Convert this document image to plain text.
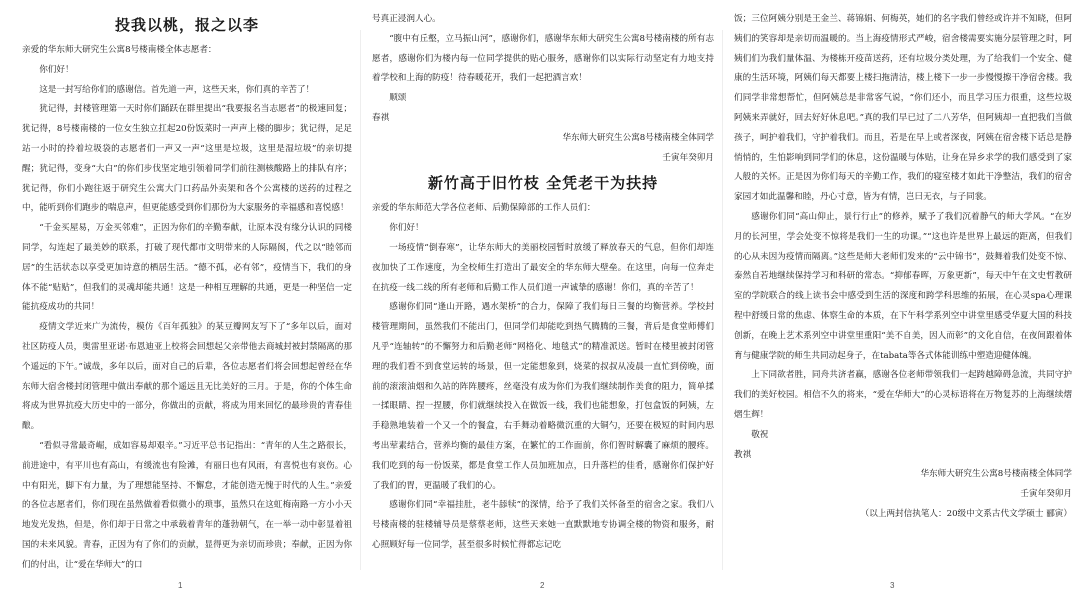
投我以桃，报之以李

亲爱的华东师大研究生公寓8号楼南楼全体志愿者：

你们好！

这是一封写给你们的感谢信。首先道一声，这些天来，你们真的辛苦了！

犹记得，封楼管理第一天时你们踊跃在群里提出“我要报名当志愿者”的极速回复；犹记得，8号楼南楼的一位女生独立扛起20份饭菜时一声声上楼的脚步；犹记得，足足站一小时的拎着垃圾袋的志愿者们一声又一声“这里是垃圾，这里是湿垃圾”的亲切提醒；犹记得，变身“大白”的你们步伐坚定地引领着同学们前往测核酸路上的排队有序；犹记得，你们小跑往返于研究生公寓大门口药品外卖架和各个公寓楼的送药的过程之中，能听到你们跑步的喘息声，但更能感受到你们那份为大家服务的幸福感和喜悦感！

“千金买屋易，万金买邻难”，正因为你们的辛勤奉献，让原本没有缘分认识的同楼同学，勾连起了最美妙的联系，打破了现代都市文明带来的人际隔阂，代之以“睦邻而居”的生活状态以享受更加诗意的栖居生活。“德不孤，必有邻”，疫情当下，我们的身体不能“贴贴”，但我们的灵魂却能共通！这是一种相互理解的共通，更是一种坚信一定能抗疫成功的共同！

疫情文学近来广为流传，模仿《百年孤独》的某豆瓣网友写下了“多年以后，面对社区防疫人员，奥雷里亚诺·布恩迪亚上校将会回想起父亲带他去商城封被封禁隔离的那个遥远的下午。”诚哉，多年以后，面对自己的后辈，各位志愿者们将会回想起曾经在华东师大宿舍楼封闭管理中做出奉献的那个遥远且无比美好的三月。于是，你的个体生命将成为世界抗疫大历史中的一部分，你做出的贡献，将成为用来回忆的最珍贵的青春佳酿。

“看似寻常最奇崛，成如容易却艰辛。”习近平总书记指出：“青年的人生之路很长，前进途中，有平川也有高山，有缓流也有险滩，有丽日也有风雨，有喜悦也有哀伤。心中有阳光，脚下有力量，为了理想能坚持、不懈怠，才能创造无愧于时代的人生。”亲爱的各位志愿者们，你们现在虽然做着看似微小的琐事，虽然只在这虹梅南路一方小小天地发光发热，但是，你们却于日常之中承载着青年的蓬勃朝气，在一举一动中彰显着祖国的未来风貌。青春，正因为有了你们的贡献，显得更为亲切而珍贵；奉献，正因为你们的付出，让“爱在华师大”的口

1

号真正浸润人心。

“腹中有丘壑，立马振山河”，感谢你们，感谢华东师大研究生公寓8号楼南楼的所有志愿者，感谢你们为楼内每一位同学提供的贴心服务，感谢你们以实际行动坚定有力地支持着学校和上海的防疫！待春暖花开，我们一起把酒言欢！

顺颂

春祺

华东师大研究生公寓8号楼南楼全体同学

壬寅年癸卯月

新竹高于旧竹枝 全凭老干为扶持

亲爱的华东师范大学各位老师、后勤保障部的工作人员们：

你们好！

一场疫情“倒春寒”，让华东师大的美丽校园暂时放缓了释放春天的气息，但你们却连夜加快了工作速度，为全校师生打造出了最安全的华东师大壁垒。在这里，向每一位奔走在抗疫一线二线的所有老师和后勤工作人员们道一声诚挚的感谢！你们，真的辛苦了！

感谢你们同“逢山开路，遇水架桥”的合力，保障了我们每日三餐的均衡营养。学校封楼管理期间，虽然我们不能出门，但同学们却能吃到热气腾腾的三餐，背后是食堂师傅们凡乎“连轴转”的不懈努力和后勤老师“网格化、地毯式”的精准派送。暂时在楼里被封闭管理的我们看不到食堂运转的场景，但一定能想象到，烧菜的叔叔从凌晨一直忙到傍晚，面前的滚滚油烟和久站的阵阵腰疼，丝毫没有成为你们为我们继续制作美食的阻力，简单揉一揉眼睛、捏一捏腰，你们就继续投入在做饭一线，我们也能想象，打包盒饭的阿姨，左手稳熟地装着一个又一个的餐盒，右手舞动着略微沉重的大铜勺，还要在极短的时间内思考出荤素结合，营养均衡的最佳方案，在繁忙的工作面前，你们智时解囊了麻烦的腰疼。我们吃到的每一份饭菜，都是食堂工作人员加班加点，日升落栏的佳肴，感谢你们保护好了我们的胃，更温暖了我们的心。

感谢你们同“幸福挂肚，老牛舔犊”的深情，给予了我们关怀备至的宿舍之家。我们八号楼南楼的驻楼辅导员是蔡蔡老师，这些天来她一直默默地专协调全楼的物资和服务，耐心照顾好每一位同学，甚至很多时候忙得都忘记吃

2

饭；三位阿姨分别是王金兰、蒋锦娟、何梅英，她们的名字我们曾经或许并不知晓，但阿姨们的笑容却是亲切而温暖的。当上海疫情形式严峻，宿舍楼需要实施分层管理之时，阿姨们们为我们量体温、为楼栋开疫苗送药，还有垃圾分类处理，为了给我们一个安全、健康的生活环境，阿姨们每天都要上楼扫拖清洁，楼上楼下一步一步慢慢擦干净宿舍楼。我们同学非常想帮忙，但阿姨总是非常客气说，“你们还小，而且学习压力很重，这些垃圾阿姨来弄就好，回去好好休息吧。”真的我们早已过了二八芳华，但阿姨却一直把我们当做孩子，呵护着我们，守护着我们。而且，若是在早上或者深夜，阿姨在宿舍楼下话总是静悄悄的，生怕影响到同学们的休息，这份温暖与体贴，让身在异乡求学的我们感受到了家人般的关怀。正是因为你们每天的辛勤工作，我们的寝室楼才如此干净整洁，我们的宿舍家园才如此温馨和睦，丹心寸意，皆为有情，岂曰无衣，与子同裳。

感谢你们同“高山仰止，景行行止”的修养，赋予了我们沉着静气的师大学风。“在岁月的长河里，学会处变不惊将是我们一生的功课。”“这也许是世界上最远的距离，但我们的心从未因为疫情而隔离。”这些是师大老师们发来的“云中锦书”，鼓舞着我们处变不惊、泰然自若地继续保持学习和科研的常态。“抑郁春晖，万象更新”，每天中午在文史哲教研室的学院联合的线上读书会中感受到生活的深度和跨学科思维的拓展，在心灵spa心理课程中舒缓日常的焦虑、体察生命的本质，在下午科学系列空中讲堂里感受华夏大国的科技创新，在晚上艺术系列空中讲堂里重阳“美不自美，因人而彰”的文化自信，在夜间跟着体育与健康学院的师生共同动起身子，在tabata等各式体能训练中塑造迎健体魄。

上下同欲者胜，同舟共济者赢，感谢各位老师带领我们一起跨越障碍急流，共同守护我们的美好校园。相信不久的将来，“爱在华师大”的心灵标语将在万物复苏的上海继续熠熠生辉！

敬祝

教祺

华东师大研究生公寓8号楼南楼全体同学

壬寅年癸卯月

（以上两封信执笔人：20级中文系古代文学硕士 郦寅）

3
